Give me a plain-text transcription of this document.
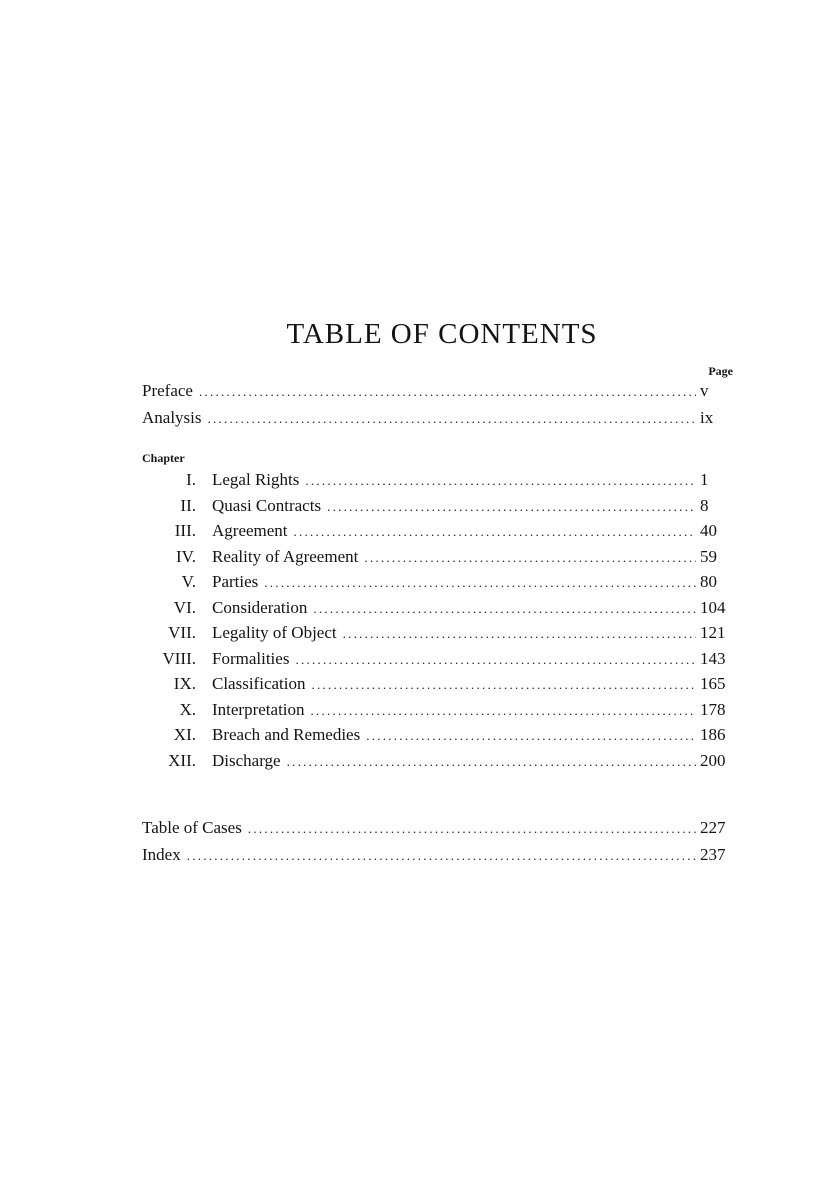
TABLE OF CONTENTS
Page
Preface . . .	v
Analysis . . .	ix
Chapter
I. Legal Rights . . .	1
II. Quasi Contracts . . .	8
III. Agreement . . .	40
IV. Reality of Agreement . . .	59
V. Parties . . .	80
VI. Consideration . . .	104
VII. Legality of Object . . .	121
VIII. Formalities . . .	143
IX. Classification . . .	165
X. Interpretation . . .	178
XI. Breach and Remedies . . .	186
XII. Discharge . . .	200
Table of Cases . . .	227
Index . . .	237
